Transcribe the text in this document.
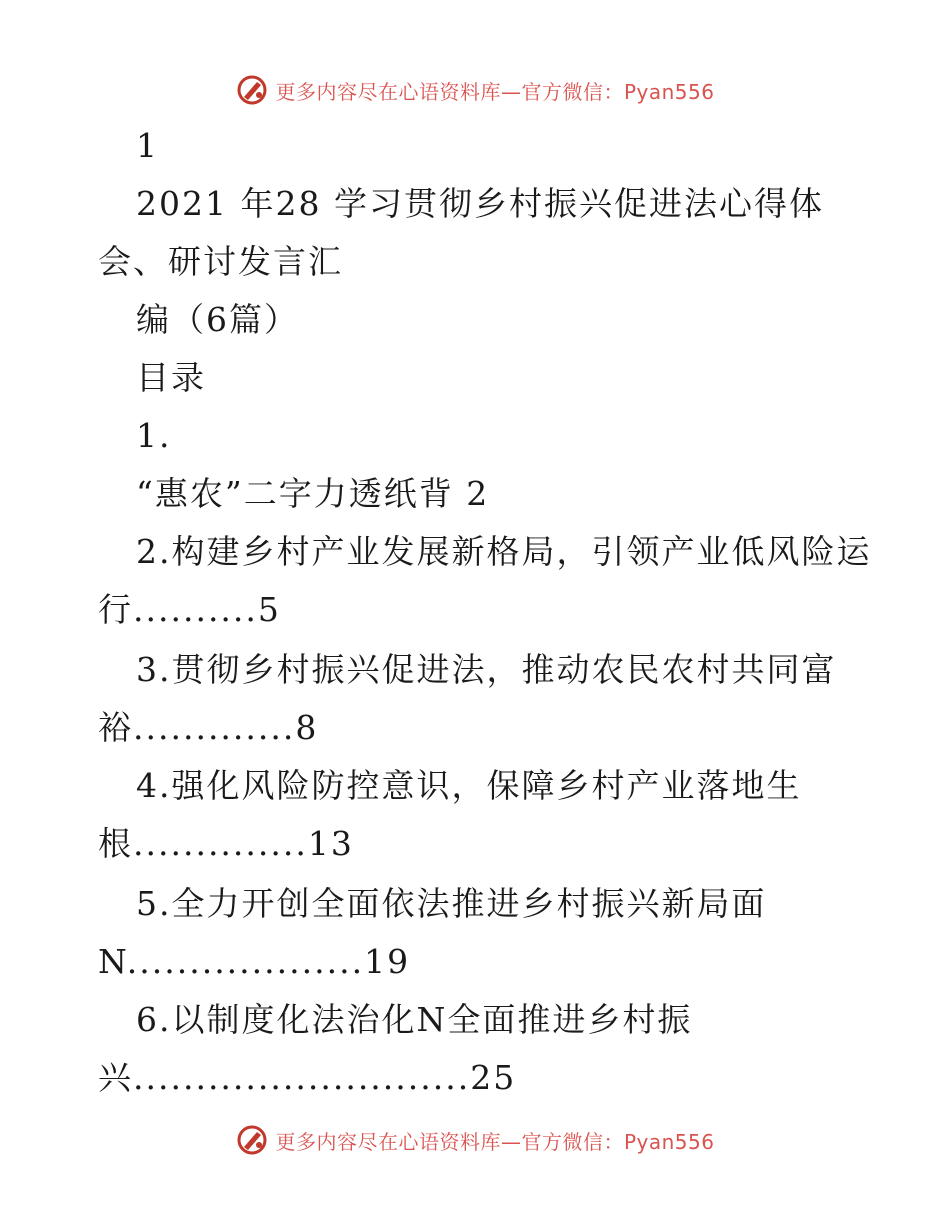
更多内容尽在心语资料库—官方微信：Pyan556
1
2021 年28 学习贯彻乡村振兴促进法心得体
会、研讨发言汇
编（6篇）
目录
1.
“惠农”二字力透纸背 2
2.构建乡村产业发展新格局，引领产业低风险运
行..........5
3.贯彻乡村振兴促进法，推动农民农村共同富
裕.............8
4.强化风险防控意识，保障乡村产业落地生
根..............13
5.全力开创全面依法推进乡村振兴新局面
N...................19
6.以制度化法治化N全面推进乡村振
兴...........................25
更多内容尽在心语资料库—官方微信：Pyan556
